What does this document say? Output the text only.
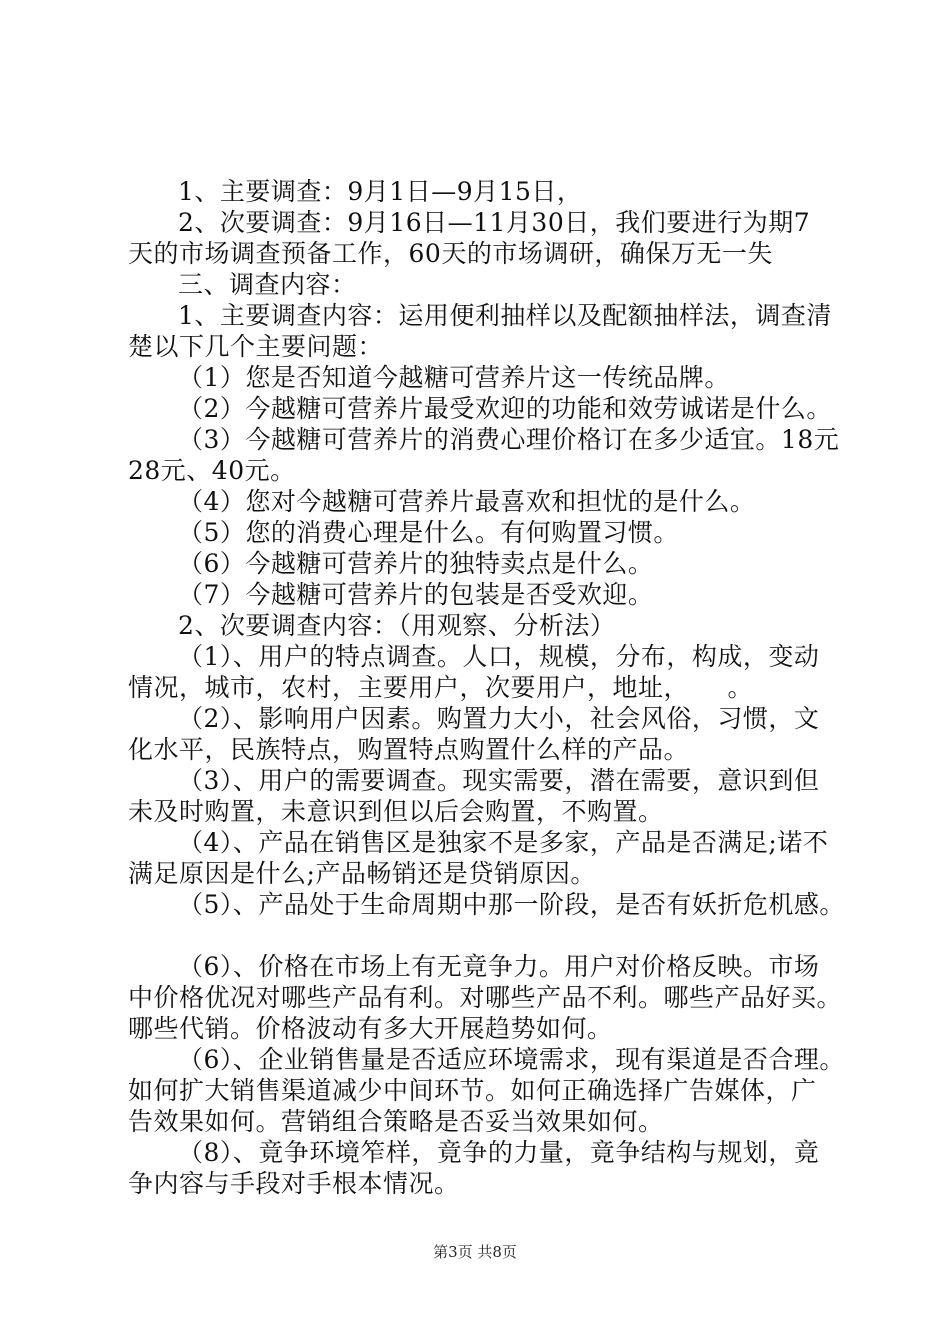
1、主要调查：9月1日—9月15日，

2、次要调查：9月16日—11月30日，我们要进行为期7

天的市场调查预备工作，60天的市场调研，确保万无一失

三、调查内容：

1、主要调查内容：运用便利抽样以及配额抽样法，调查清

楚以下几个主要问题：

（1）您是否知道今越糖可营养片这一传统品牌。

（2）今越糖可营养片最受欢迎的功能和效劳诚诺是什么。

（3）今越糖可营养片的消费心理价格订在多少适宜。18元

28元、40元。

（4）您对今越糖可营养片最喜欢和担忧的是什么。

（5）您的消费心理是什么。有何购置习惯。

（6）今越糖可营养片的独特卖点是什么。

（7）今越糖可营养片的包装是否受欢迎。

2、次要调查内容：（用观察、分析法）

（1）、用户的特点调查。人口，规模，分布，构成，变动

情况，城市，农村，主要用户，次要用户，地址，　　。

（2）、影响用户因素。购置力大小，社会风俗，习惯，文

化水平，民族特点，购置特点购置什么样的产品。

（3）、用户的需要调查。现实需要，潜在需要，意识到但

未及时购置，未意识到但以后会购置，不购置。

（4）、产品在销售区是独家不是多家，产品是否满足;诺不

满足原因是什么;产品畅销还是贷销原因。

（5）、产品处于生命周期中那一阶段，是否有妖折危机感。

（6）、价格在市场上有无竟争力。用户对价格反映。市场

中价格优况对哪些产品有利。对哪些产品不利。哪些产品好买。

哪些代销。价格波动有多大开展趋势如何。

（6）、企业销售量是否适应环境需求，现有渠道是否合理。

如何扩大销售渠道减少中间环节。如何正确选择广告媒体，广

告效果如何。营销组合策略是否妥当效果如何。

（8）、竟争环境笮样，竟争的力量，竟争结构与规划，竟

争内容与手段对手根本情况。

第3页 共8页
